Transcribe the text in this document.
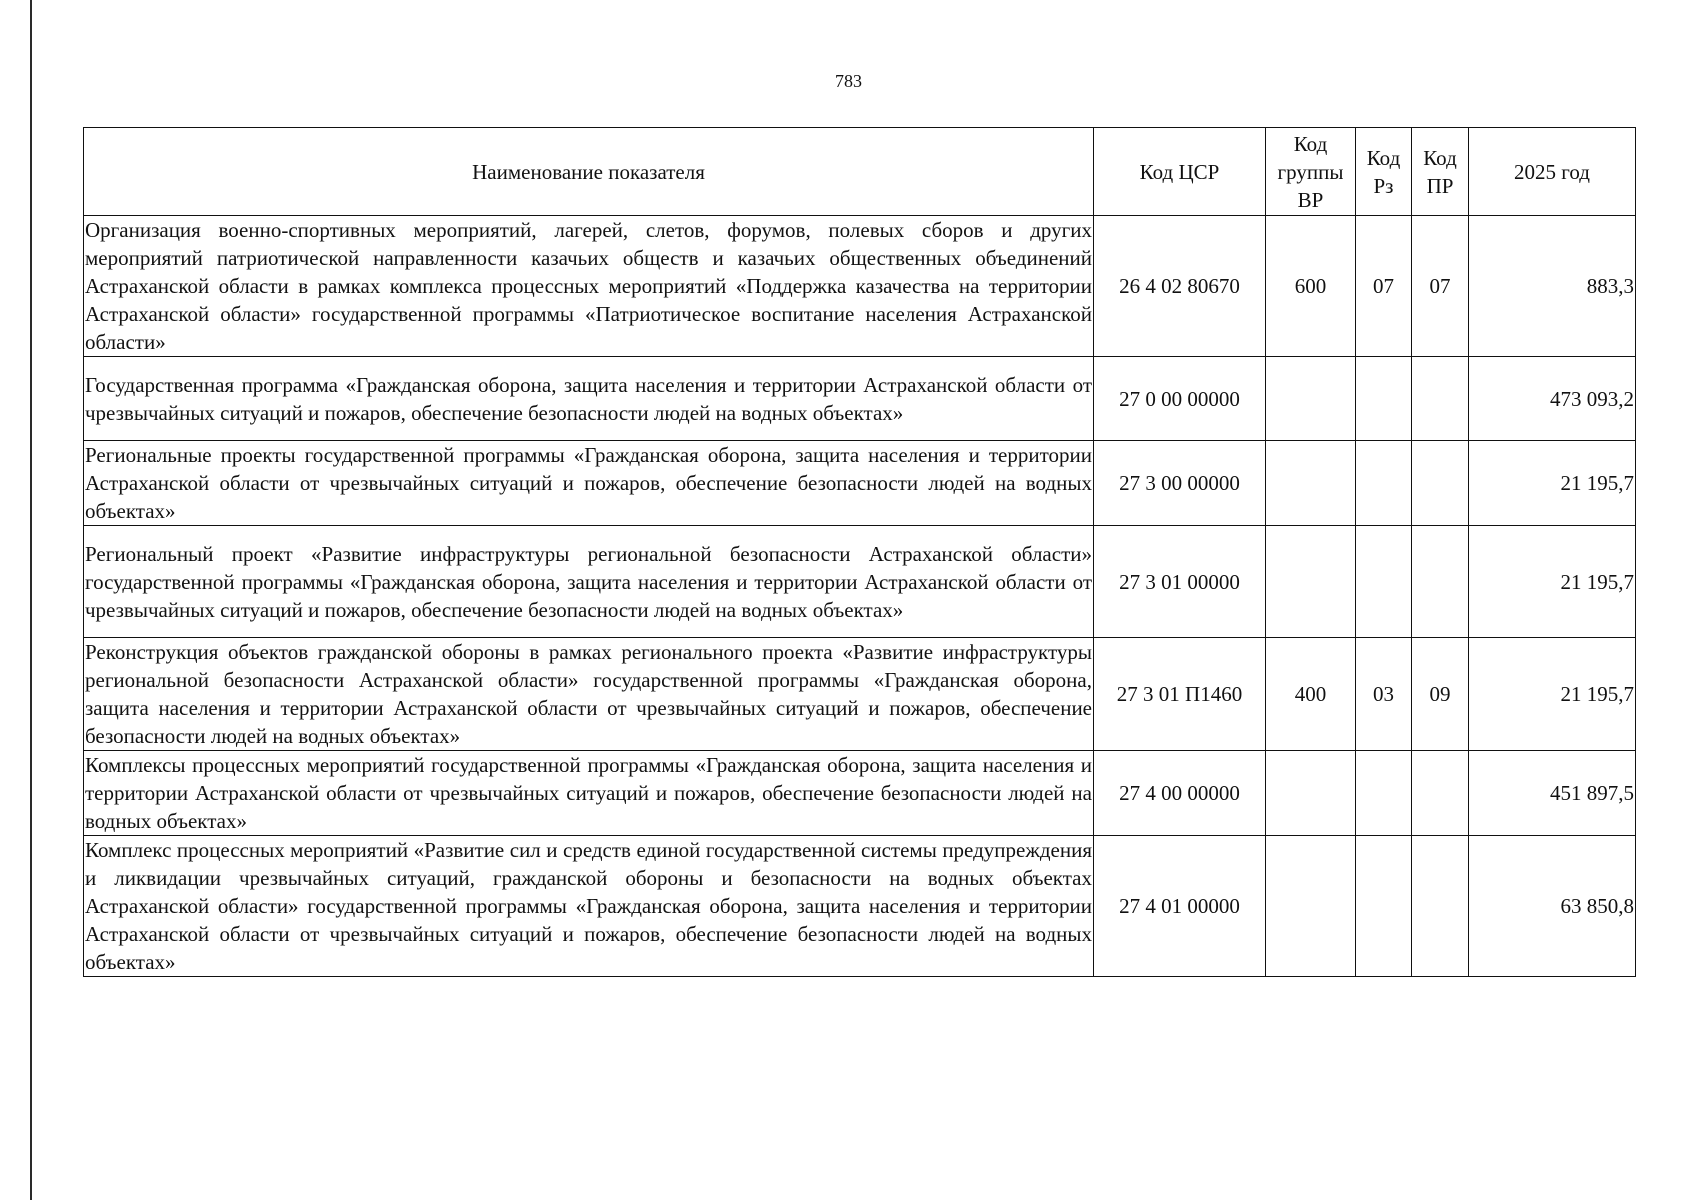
783
Наименование показателя	Код ЦСР	Код группы ВР	Код Рз	Код ПР	2025 год
Организация военно-спортивных мероприятий, лагерей, слетов, форумов, полевых сборов и других мероприятий патриотической направленности казачьих обществ и казачьих общественных объединений Астраханской области в рамках комплекса процессных мероприятий «Поддержка казачества на территории Астраханской области» государственной программы «Патриотическое воспитание населения Астраханской области»	26 4 02 80670	600	07	07	883,3
Государственная программа «Гражданская оборона, защита населения и территории Астраханской области от чрезвычайных ситуаций и пожаров, обеспечение безопасности людей на водных объектах»	27 0 00 00000				473 093,2
Региональные проекты государственной программы «Гражданская оборона, защита населения и территории Астраханской области от чрезвычайных ситуаций и пожаров, обеспечение безопасности людей на водных объектах»	27 3 00 00000				21 195,7
Региональный проект «Развитие инфраструктуры региональной безопасности Астраханской области» государственной программы «Гражданская оборона, защита населения и территории Астраханской области от чрезвычайных ситуаций и пожаров, обеспечение безопасности людей на водных объектах»	27 3 01 00000				21 195,7
Реконструкция объектов гражданской обороны в рамках регионального проекта «Развитие инфраструктуры региональной безопасности Астраханской области» государственной программы «Гражданская оборона, защита населения и территории Астраханской области от чрезвычайных ситуаций и пожаров, обеспечение безопасности людей на водных объектах»	27 3 01 П1460	400	03	09	21 195,7
Комплексы процессных мероприятий государственной программы «Гражданская оборона, защита населения и территории Астраханской области от чрезвычайных ситуаций и пожаров, обеспечение безопасности людей на водных объектах»	27 4 00 00000				451 897,5
Комплекс процессных мероприятий «Развитие сил и средств единой государственной системы предупреждения и ликвидации чрезвычайных ситуаций, гражданской обороны и безопасности на водных объектах Астраханской области» государственной программы «Гражданская оборона, защита населения и территории Астраханской области от чрезвычайных ситуаций и пожаров, обеспечение безопасности людей на водных объектах»	27 4 01 00000				63 850,8
